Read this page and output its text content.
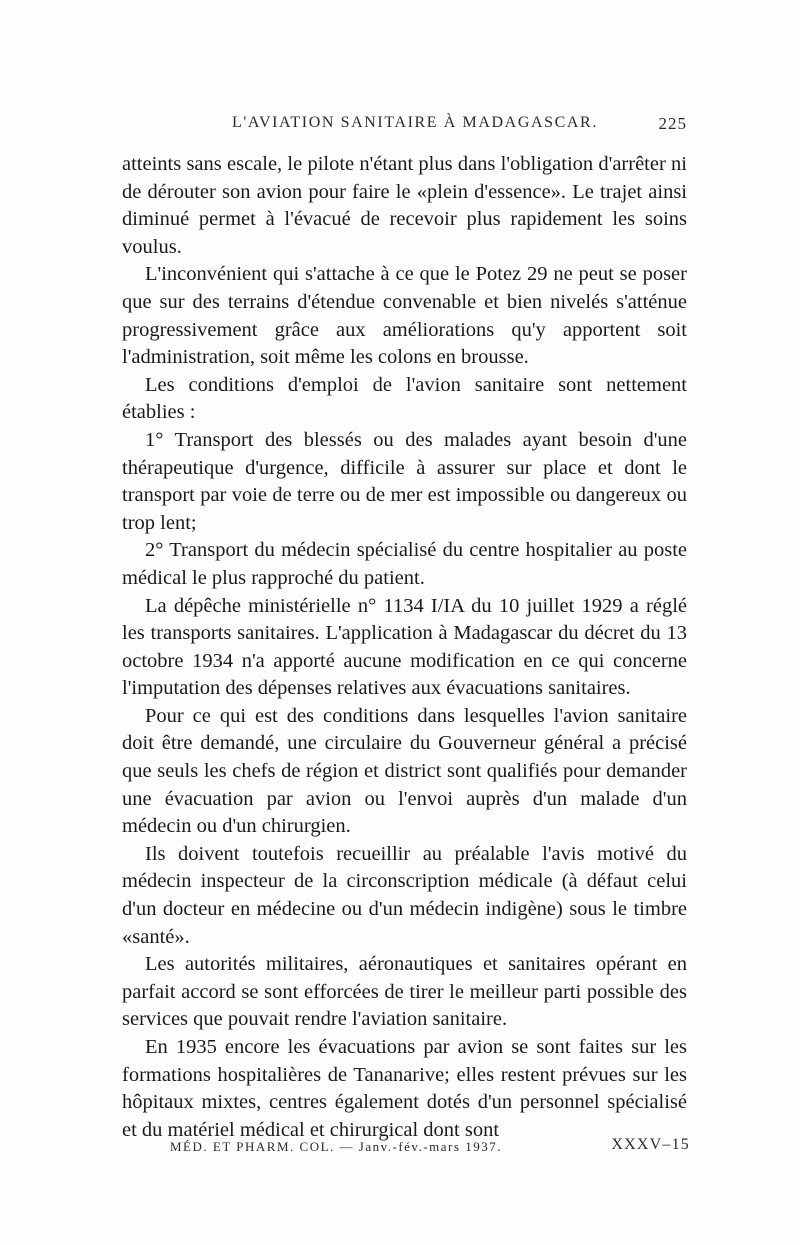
L'AVIATION SANITAIRE À MADAGASCAR.	225

atteints sans escale, le pilote n'étant plus dans l'obligation d'arrêter ni de dérouter son avion pour faire le «plein d'essence». Le trajet ainsi diminué permet à l'évacué de recevoir plus rapidement les soins voulus.

L'inconvénient qui s'attache à ce que le Potez 29 ne peut se poser que sur des terrains d'étendue convenable et bien nivelés s'atténue progressivement grâce aux améliorations qu'y apportent soit l'administration, soit même les colons en brousse.

Les conditions d'emploi de l'avion sanitaire sont nettement établies :

1° Transport des blessés ou des malades ayant besoin d'une thérapeutique d'urgence, difficile à assurer sur place et dont le transport par voie de terre ou de mer est impossible ou dangereux ou trop lent;

2° Transport du médecin spécialisé du centre hospitalier au poste médical le plus rapproché du patient.

La dépêche ministérielle n° 1134 I/IA du 10 juillet 1929 a réglé les transports sanitaires. L'application à Madagascar du décret du 13 octobre 1934 n'a apporté aucune modification en ce qui concerne l'imputation des dépenses relatives aux évacuations sanitaires.

Pour ce qui est des conditions dans lesquelles l'avion sanitaire doit être demandé, une circulaire du Gouverneur général a précisé que seuls les chefs de région et district sont qualifiés pour demander une évacuation par avion ou l'envoi auprès d'un malade d'un médecin ou d'un chirurgien.

Ils doivent toutefois recueillir au préalable l'avis motivé du médecin inspecteur de la circonscription médicale (à défaut celui d'un docteur en médecine ou d'un médecin indigène) sous le timbre «santé».

Les autorités militaires, aéronautiques et sanitaires opérant en parfait accord se sont efforcées de tirer le meilleur parti possible des services que pouvait rendre l'aviation sanitaire.

En 1935 encore les évacuations par avion se sont faites sur les formations hospitalières de Tananarive; elles restent prévues sur les hôpitaux mixtes, centres également dotés d'un personnel spécialisé et du matériel médical et chirurgical dont sont

MÉD. ET PHARM. COL. — Janv.-fév.-mars 1937.	XXXV–15
